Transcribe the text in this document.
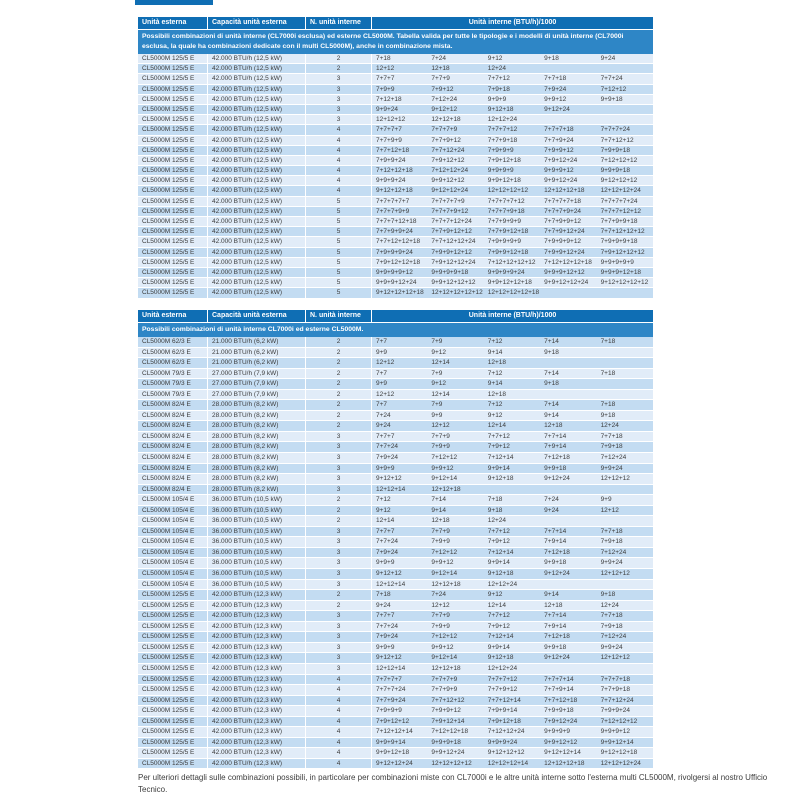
Unità esterna	Capacità unità esterna	N. unità interne	Unità interne (BTU/h)/1000
Possibili combinazioni di unità interne (CL7000i esclusa) ed esterne CL5000M. Tabella valida per tutte le tipologie e i modelli di unità interne (CL7000i esclusa, la quale ha combinazioni dedicate con il multi CL5000M), anche in combinazione mista.
CL5000M 125/5 E	42.000 BTU/h (12,5 kW)	2	7+18	7+24	9+12	9+18	9+24
CL5000M 125/5 E	42.000 BTU/h (12,5 kW)	2	12+12	12+18	12+24
CL5000M 125/5 E	42.000 BTU/h (12,5 kW)	3	7+7+7	7+7+9	7+7+12	7+7+18	7+7+24
CL5000M 125/5 E	42.000 BTU/h (12,5 kW)	3	7+9+9	7+9+12	7+9+18	7+9+24	7+12+12
CL5000M 125/5 E	42.000 BTU/h (12,5 kW)	3	7+12+18	7+12+24	9+9+9	9+9+12	9+9+18
CL5000M 125/5 E	42.000 BTU/h (12,5 kW)	3	9+9+24	9+12+12	9+12+18	9+12+24
CL5000M 125/5 E	42.000 BTU/h (12,5 kW)	3	12+12+12	12+12+18	12+12+24
CL5000M 125/5 E	42.000 BTU/h (12,5 kW)	4	7+7+7+7	7+7+7+9	7+7+7+12	7+7+7+18	7+7+7+24
CL5000M 125/5 E	42.000 BTU/h (12,5 kW)	4	7+7+9+9	7+7+9+12	7+7+9+18	7+7+9+24	7+7+12+12
CL5000M 125/5 E	42.000 BTU/h (12,5 kW)	4	7+7+12+18	7+7+12+24	7+9+9+9	7+9+9+12	7+9+9+18
CL5000M 125/5 E	42.000 BTU/h (12,5 kW)	4	7+9+9+24	7+9+12+12	7+9+12+18	7+9+12+24	7+12+12+12
CL5000M 125/5 E	42.000 BTU/h (12,5 kW)	4	7+12+12+18	7+12+12+24	9+9+9+9	9+9+9+12	9+9+9+18
CL5000M 125/5 E	42.000 BTU/h (12,5 kW)	4	9+9+9+24	9+9+12+12	9+9+12+18	9+9+12+24	9+12+12+12
CL5000M 125/5 E	42.000 BTU/h (12,5 kW)	4	9+12+12+18	9+12+12+24	12+12+12+12	12+12+12+18	12+12+12+24
CL5000M 125/5 E	42.000 BTU/h (12,5 kW)	5	7+7+7+7+7	7+7+7+7+9	7+7+7+7+12	7+7+7+7+18	7+7+7+7+24
CL5000M 125/5 E	42.000 BTU/h (12,5 kW)	5	7+7+7+9+9	7+7+7+9+12	7+7+7+9+18	7+7+7+9+24	7+7+7+12+12
CL5000M 125/5 E	42.000 BTU/h (12,5 kW)	5	7+7+7+12+18	7+7+7+12+24	7+7+9+9+9	7+7+9+9+12	7+7+9+9+18
CL5000M 125/5 E	42.000 BTU/h (12,5 kW)	5	7+7+9+9+24	7+7+9+12+12	7+7+9+12+18	7+7+9+12+24	7+7+12+12+12
CL5000M 125/5 E	42.000 BTU/h (12,5 kW)	5	7+7+12+12+18	7+7+12+12+24	7+9+9+9+9	7+9+9+9+12	7+9+9+9+18
CL5000M 125/5 E	42.000 BTU/h (12,5 kW)	5	7+9+9+9+24	7+9+9+12+12	7+9+9+12+18	7+9+9+12+24	7+9+12+12+12
CL5000M 125/5 E	42.000 BTU/h (12,5 kW)	5	7+9+12+12+18	7+9+12+12+24	7+12+12+12+12	7+12+12+12+18	9+9+9+9+9
CL5000M 125/5 E	42.000 BTU/h (12,5 kW)	5	9+9+9+9+12	9+9+9+9+18	9+9+9+9+24	9+9+9+12+12	9+9+9+12+18
CL5000M 125/5 E	42.000 BTU/h (12,5 kW)	5	9+9+9+12+24	9+9+12+12+12	9+9+12+12+18	9+9+12+12+24	9+12+12+12+12
CL5000M 125/5 E	42.000 BTU/h (12,5 kW)	5	9+12+12+12+18	12+12+12+12+12 12+12+12+12+18
Unità esterna	Capacità unità esterna	N. unità interne	Unità interne (BTU/h)/1000
Possibili combinazioni di unità interne CL7000i ed esterne CL5000M.
CL5000M 62/3 E	21.000 BTU/h (6,2 kW)	2	7+7	7+9	7+12	7+14	7+18
CL5000M 62/3 E	21.000 BTU/h (6,2 kW)	2	9+9	9+12	9+14	9+18
CL5000M 62/3 E	21.000 BTU/h (6,2 kW)	2	12+12	12+14	12+18
CL5000M 79/3 E	27.000 BTU/h (7,9 kW)	2	7+7	7+9	7+12	7+14	7+18
CL5000M 79/3 E	27.000 BTU/h (7,9 kW)	2	9+9	9+12	9+14	9+18
CL5000M 79/3 E	27.000 BTU/h (7,9 kW)	2	12+12	12+14	12+18
CL5000M 82/4 E	28.000 BTU/h (8,2 kW)	2	7+7	7+9	7+12	7+14	7+18
CL5000M 82/4 E	28.000 BTU/h (8,2 kW)	2	7+24	9+9	9+12	9+14	9+18
CL5000M 82/4 E	28.000 BTU/h (8,2 kW)	2	9+24	12+12	12+14	12+18	12+24
CL5000M 82/4 E	28.000 BTU/h (8,2 kW)	3	7+7+7	7+7+9	7+7+12	7+7+14	7+7+18
CL5000M 82/4 E	28.000 BTU/h (8,2 kW)	3	7+7+24	7+9+9	7+9+12	7+9+14	7+9+18
CL5000M 82/4 E	28.000 BTU/h (8,2 kW)	3	7+9+24	7+12+12	7+12+14	7+12+18	7+12+24
CL5000M 82/4 E	28.000 BTU/h (8,2 kW)	3	9+9+9	9+9+12	9+9+14	9+9+18	9+9+24
CL5000M 82/4 E	28.000 BTU/h (8,2 kW)	3	9+12+12	9+12+14	9+12+18	9+12+24	12+12+12
CL5000M 82/4 E	28.000 BTU/h (8,2 kW)	3	12+12+14	12+12+18
CL5000M 105/4 E	36.000 BTU/h (10,5 kW)	2	7+12	7+14	7+18	7+24	9+9
CL5000M 105/4 E	36.000 BTU/h (10,5 kW)	2	9+12	9+14	9+18	9+24	12+12
CL5000M 105/4 E	36.000 BTU/h (10,5 kW)	2	12+14	12+18	12+24
CL5000M 105/4 E	36.000 BTU/h (10,5 kW)	3	7+7+7	7+7+9	7+7+12	7+7+14	7+7+18
CL5000M 105/4 E	36.000 BTU/h (10,5 kW)	3	7+7+24	7+9+9	7+9+12	7+9+14	7+9+18
CL5000M 105/4 E	36.000 BTU/h (10,5 kW)	3	7+9+24	7+12+12	7+12+14	7+12+18	7+12+24
CL5000M 105/4 E	36.000 BTU/h (10,5 kW)	3	9+9+9	9+9+12	9+9+14	9+9+18	9+9+24
CL5000M 105/4 E	36.000 BTU/h (10,5 kW)	3	9+12+12	9+12+14	9+12+18	9+12+24	12+12+12
CL5000M 105/4 E	36.000 BTU/h (10,5 kW)	3	12+12+14	12+12+18	12+12+24
CL5000M 125/5 E	42.000 BTU/h (12,3 kW)	2	7+18	7+24	9+12	9+14	9+18
CL5000M 125/5 E	42.000 BTU/h (12,3 kW)	2	9+24	12+12	12+14	12+18	12+24
CL5000M 125/5 E	42.000 BTU/h (12,3 kW)	3	7+7+7	7+7+9	7+7+12	7+7+14	7+7+18
CL5000M 125/5 E	42.000 BTU/h (12,3 kW)	3	7+7+24	7+9+9	7+9+12	7+9+14	7+9+18
CL5000M 125/5 E	42.000 BTU/h (12,3 kW)	3	7+9+24	7+12+12	7+12+14	7+12+18	7+12+24
CL5000M 125/5 E	42.000 BTU/h (12,3 kW)	3	9+9+9	9+9+12	9+9+14	9+9+18	9+9+24
CL5000M 125/5 E	42.000 BTU/h (12,3 kW)	3	9+12+12	9+12+14	9+12+18	9+12+24	12+12+12
CL5000M 125/5 E	42.000 BTU/h (12,3 kW)	3	12+12+14	12+12+18	12+12+24
CL5000M 125/5 E	42.000 BTU/h (12,3 kW)	4	7+7+7+7	7+7+7+9	7+7+7+12	7+7+7+14	7+7+7+18
CL5000M 125/5 E	42.000 BTU/h (12,3 kW)	4	7+7+7+24	7+7+9+9	7+7+9+12	7+7+9+14	7+7+9+18
CL5000M 125/5 E	42.000 BTU/h (12,3 kW)	4	7+7+9+24	7+7+12+12	7+7+12+14	7+7+12+18	7+7+12+24
CL5000M 125/5 E	42.000 BTU/h (12,3 kW)	4	7+9+9+9	7+9+9+12	7+9+9+14	7+9+9+18	7+9+9+24
CL5000M 125/5 E	42.000 BTU/h (12,3 kW)	4	7+9+12+12	7+9+12+14	7+9+12+18	7+9+12+24	7+12+12+12
CL5000M 125/5 E	42.000 BTU/h (12,3 kW)	4	7+12+12+14	7+12+12+18	7+12+12+24	9+9+9+9	9+9+9+12
CL5000M 125/5 E	42.000 BTU/h (12,3 kW)	4	9+9+9+14	9+9+9+18	9+9+9+24	9+9+12+12	9+9+12+14
CL5000M 125/5 E	42.000 BTU/h (12,3 kW)	4	9+9+12+18	9+9+12+24	9+12+12+12	9+12+12+14	9+12+12+18
CL5000M 125/5 E	42.000 BTU/h (12,3 kW)	4	9+12+12+24	12+12+12+12	12+12+12+14	12+12+12+18	12+12+12+24

Per ulteriori dettagli sulle combinazioni possibili, in particolare per combinazioni miste con CL7000i e le altre unità interne sotto l'esterna multi CL5000M, rivolgersi al nostro Ufficio Tecnico.
